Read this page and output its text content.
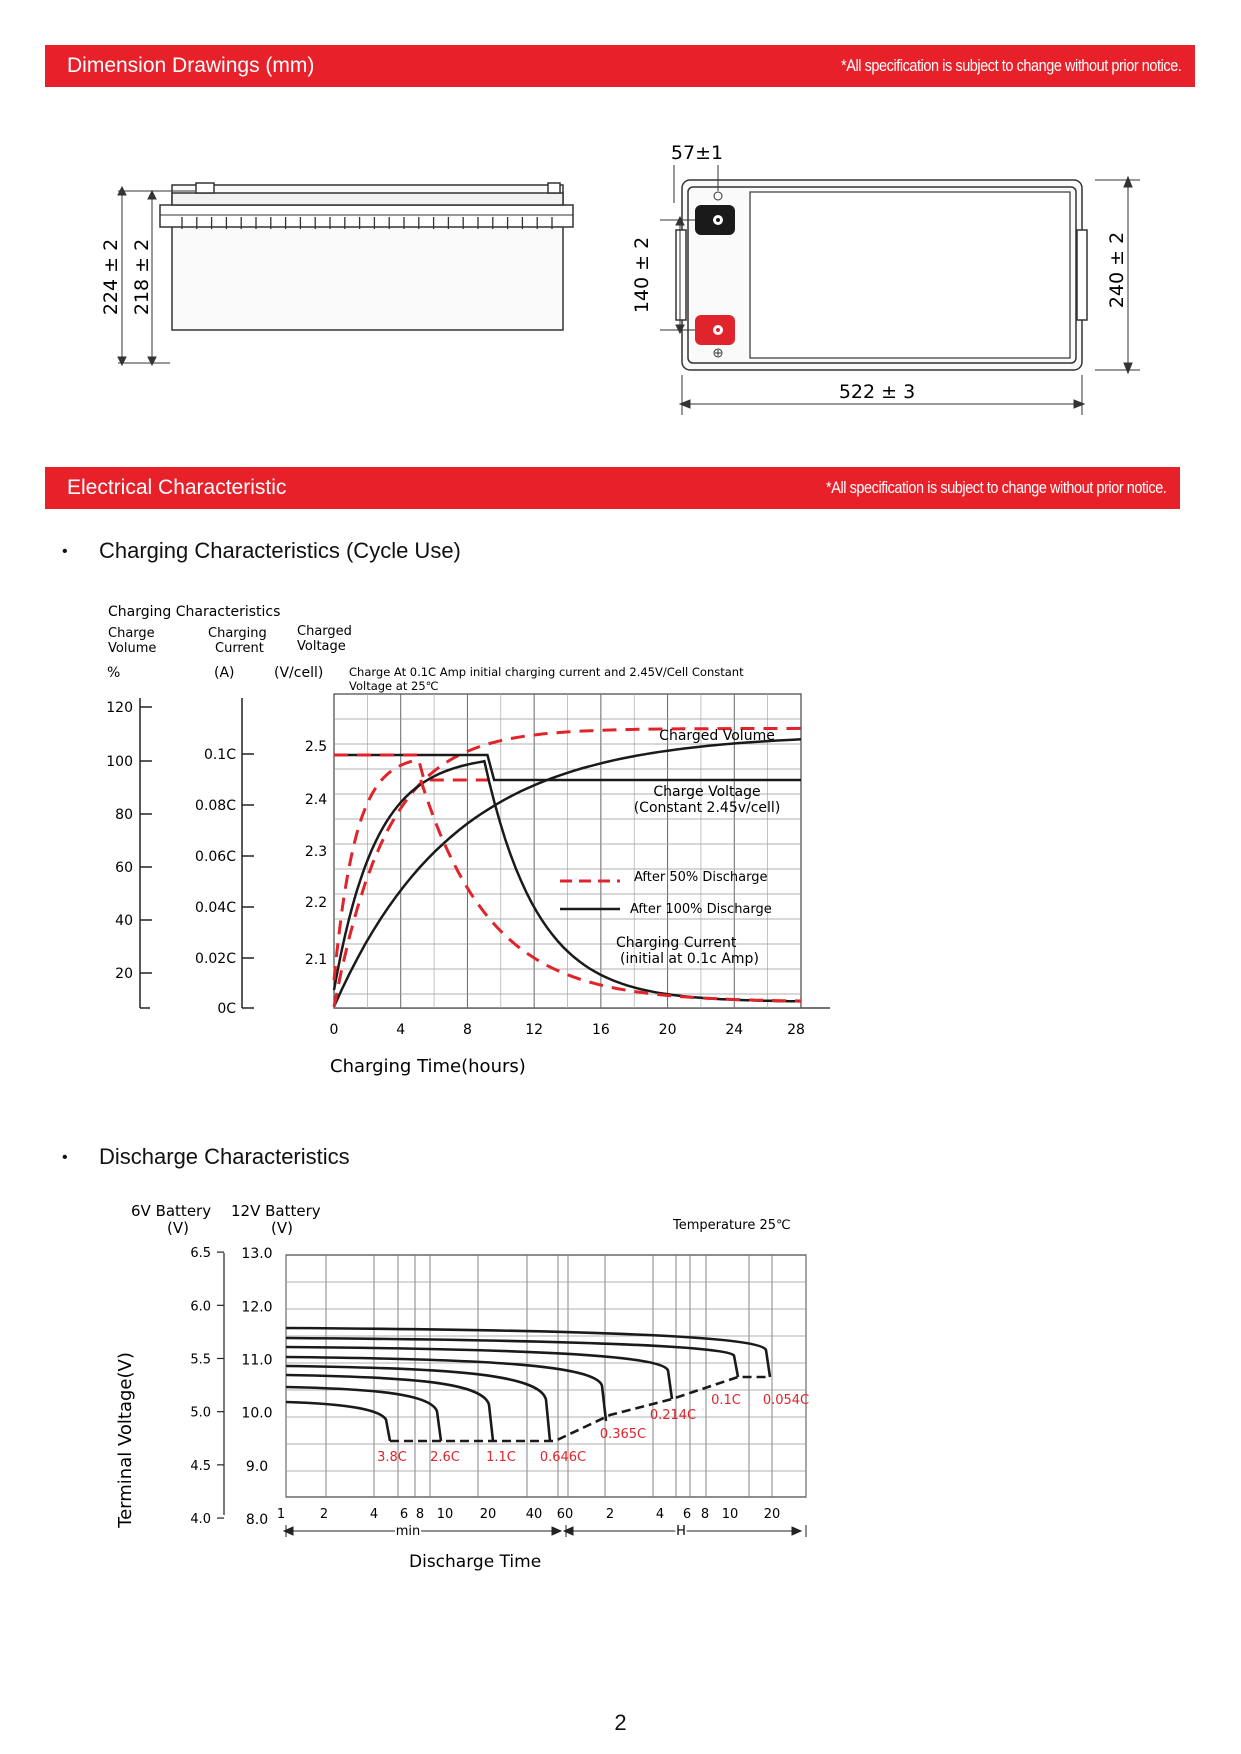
Dimension Drawings (mm)	*All specification is subject to change without prior notice.
224 ± 2 218 ± 2
57±1
140 ± 2	240 ± 2
522 ± 3
Electrical Characteristic	*All specification is subject to change without prior notice.
• Charging Characteristics (Cycle Use)
Charging Characteristics
Charge
Volume
Charging
Current
Charged
Voltage
%	(A)	(V/cell) Charge At 0.1C Amp initial charging current and 2.45V/Cell Constant
Voltage at 25℃
120
100
80
60
40
20
0.1C
0.08C
0.06C
0.04C
0.02C
0C
2.5
2.4
2.3
2.2
2.1
0	4	8	12	16	20	24	28
Charged Volume
Charge Voltage
(Constant 2.45v/cell)
After 50% Discharge
After 100% Discharge
Charging Current
(initial at 0.1c Amp)
Charging Time(hours)
• Discharge Characteristics
6V Battery 12V Battery
(V)	(V)	Temperature 25℃
Terminal Voltage(V)
6.5 13.0
6.0 12.0
5.5 11.0
5.0 10.0
4.5 9.0
4.0 8.0 1	2	4 6 8 10 20 40 60	2	4 6 8 10 20
3.8C 2.6C 1.1C 0.646C
0.365C
0.214C
0.1C 0.054C
min	H
Discharge Time
2
